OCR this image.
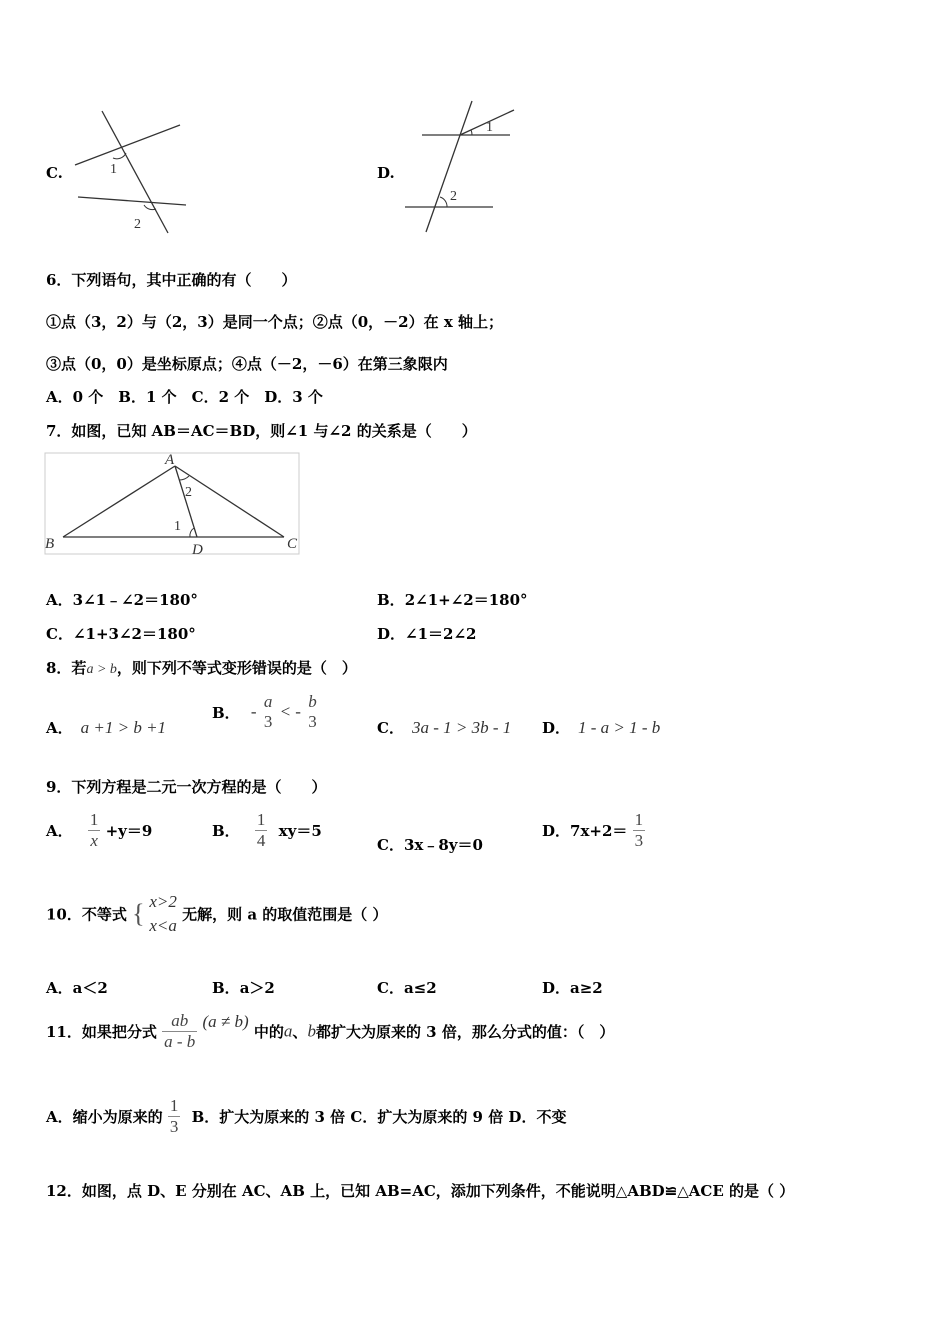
C.	1
2
D.
1
2
6．下列语句，其中正确的有（　　）
①点（3，2）与（2，3）是同一个点；②点（0，－2）在 x 轴上；
③点（0，0）是坐标原点；④点（－2，－6）在第三象限内
A．0 个　B．1 个　C．2 个　D．3 个
7．如图，已知 AB＝AC＝BD，则∠1 与∠2 的关系是（　　）
A
B	C
D
1
2
A．3∠1﹣∠2＝180°	B．2∠1+∠2＝180°
C．∠1+3∠2＝180°	D．∠1＝2∠2
8．若a > b，则下列不等式变形错误的是（　）
A． a +1 > b +1
B． -
a
3
< -
b
3	C． 3a - 1 > 3b - 1 D． 1 - a > 1 - b
9．下列方程是二元一次方程的是（　　）
A． $\frac{1}{x} +y=9$	B． $\frac{1}{4} xy=5$
C．3x﹣8y＝0
D．$7x+2= \frac{1}{3}$
10．不等式 { x>2
x<a
无解，则 a 的取值范围是（ ）
A．a＜2	B．a＞2	C．a≤2	D．a≥2
11．如果把分式 $\frac{ab}{a - b} (a \ne b)$ 中的a、b都扩大为原来的 3 倍，那么分式的值：（　）
A．缩小为原来的 $\frac{1}{3}$ B．扩大为原来的 3 倍 C．扩大为原来的 9 倍 D．不变
12．如图，点 D、E 分别在 AC、AB 上，已知 AB=AC，添加下列条件，不能说明△ABD≌△ACE 的是（ ）
